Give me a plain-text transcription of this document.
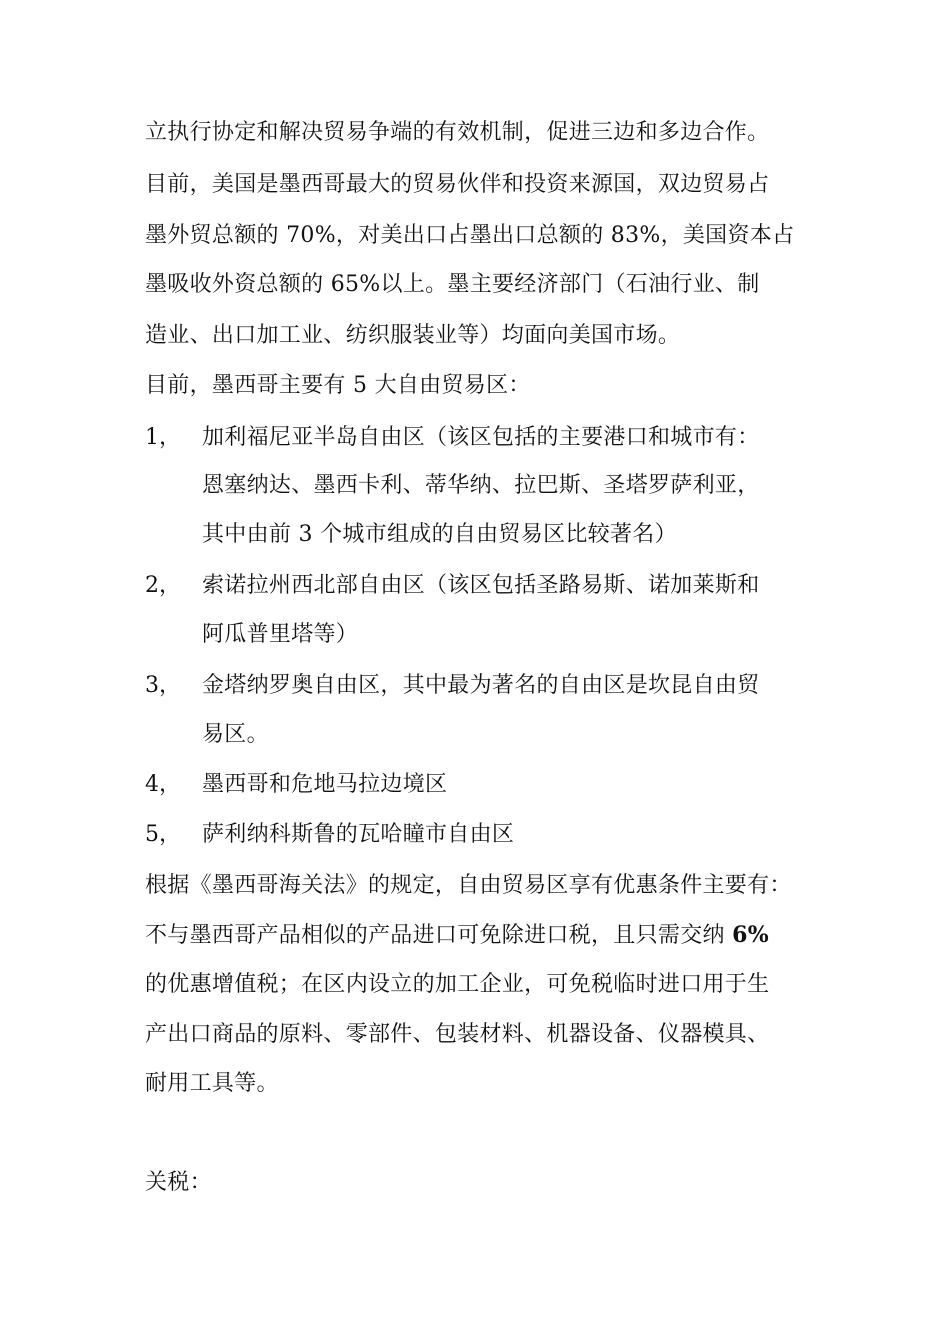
立执行协定和解决贸易争端的有效机制，促进三边和多边合作。
目前，美国是墨西哥最大的贸易伙伴和投资来源国，双边贸易占
墨外贸总额的 70%，对美出口占墨出口总额的 83%，美国资本占
墨吸收外资总额的 65%以上。墨主要经济部门（石油行业、制
造业、出口加工业、纺织服装业等）均面向美国市场。
目前，墨西哥主要有 5 大自由贸易区：
1， 加利福尼亚半岛自由区（该区包括的主要港口和城市有：
恩塞纳达、墨西卡利、蒂华纳、拉巴斯、圣塔罗萨利亚，
其中由前 3 个城市组成的自由贸易区比较著名）
2， 索诺拉州西北部自由区（该区包括圣路易斯、诺加莱斯和
阿瓜普里塔等）
3， 金塔纳罗奥自由区，其中最为著名的自由区是坎昆自由贸
易区。
4， 墨西哥和危地马拉边境区
5， 萨利纳科斯鲁的瓦哈瞳市自由区
根据《墨西哥海关法》的规定，自由贸易区享有优惠条件主要有：
不与墨西哥产品相似的产品进口可免除进口税，且只需交纳 6%
的优惠增值税；在区内设立的加工企业，可免税临时进口用于生
产出口商品的原料、零部件、包装材料、机器设备、仪器模具、
耐用工具等。
关税：
